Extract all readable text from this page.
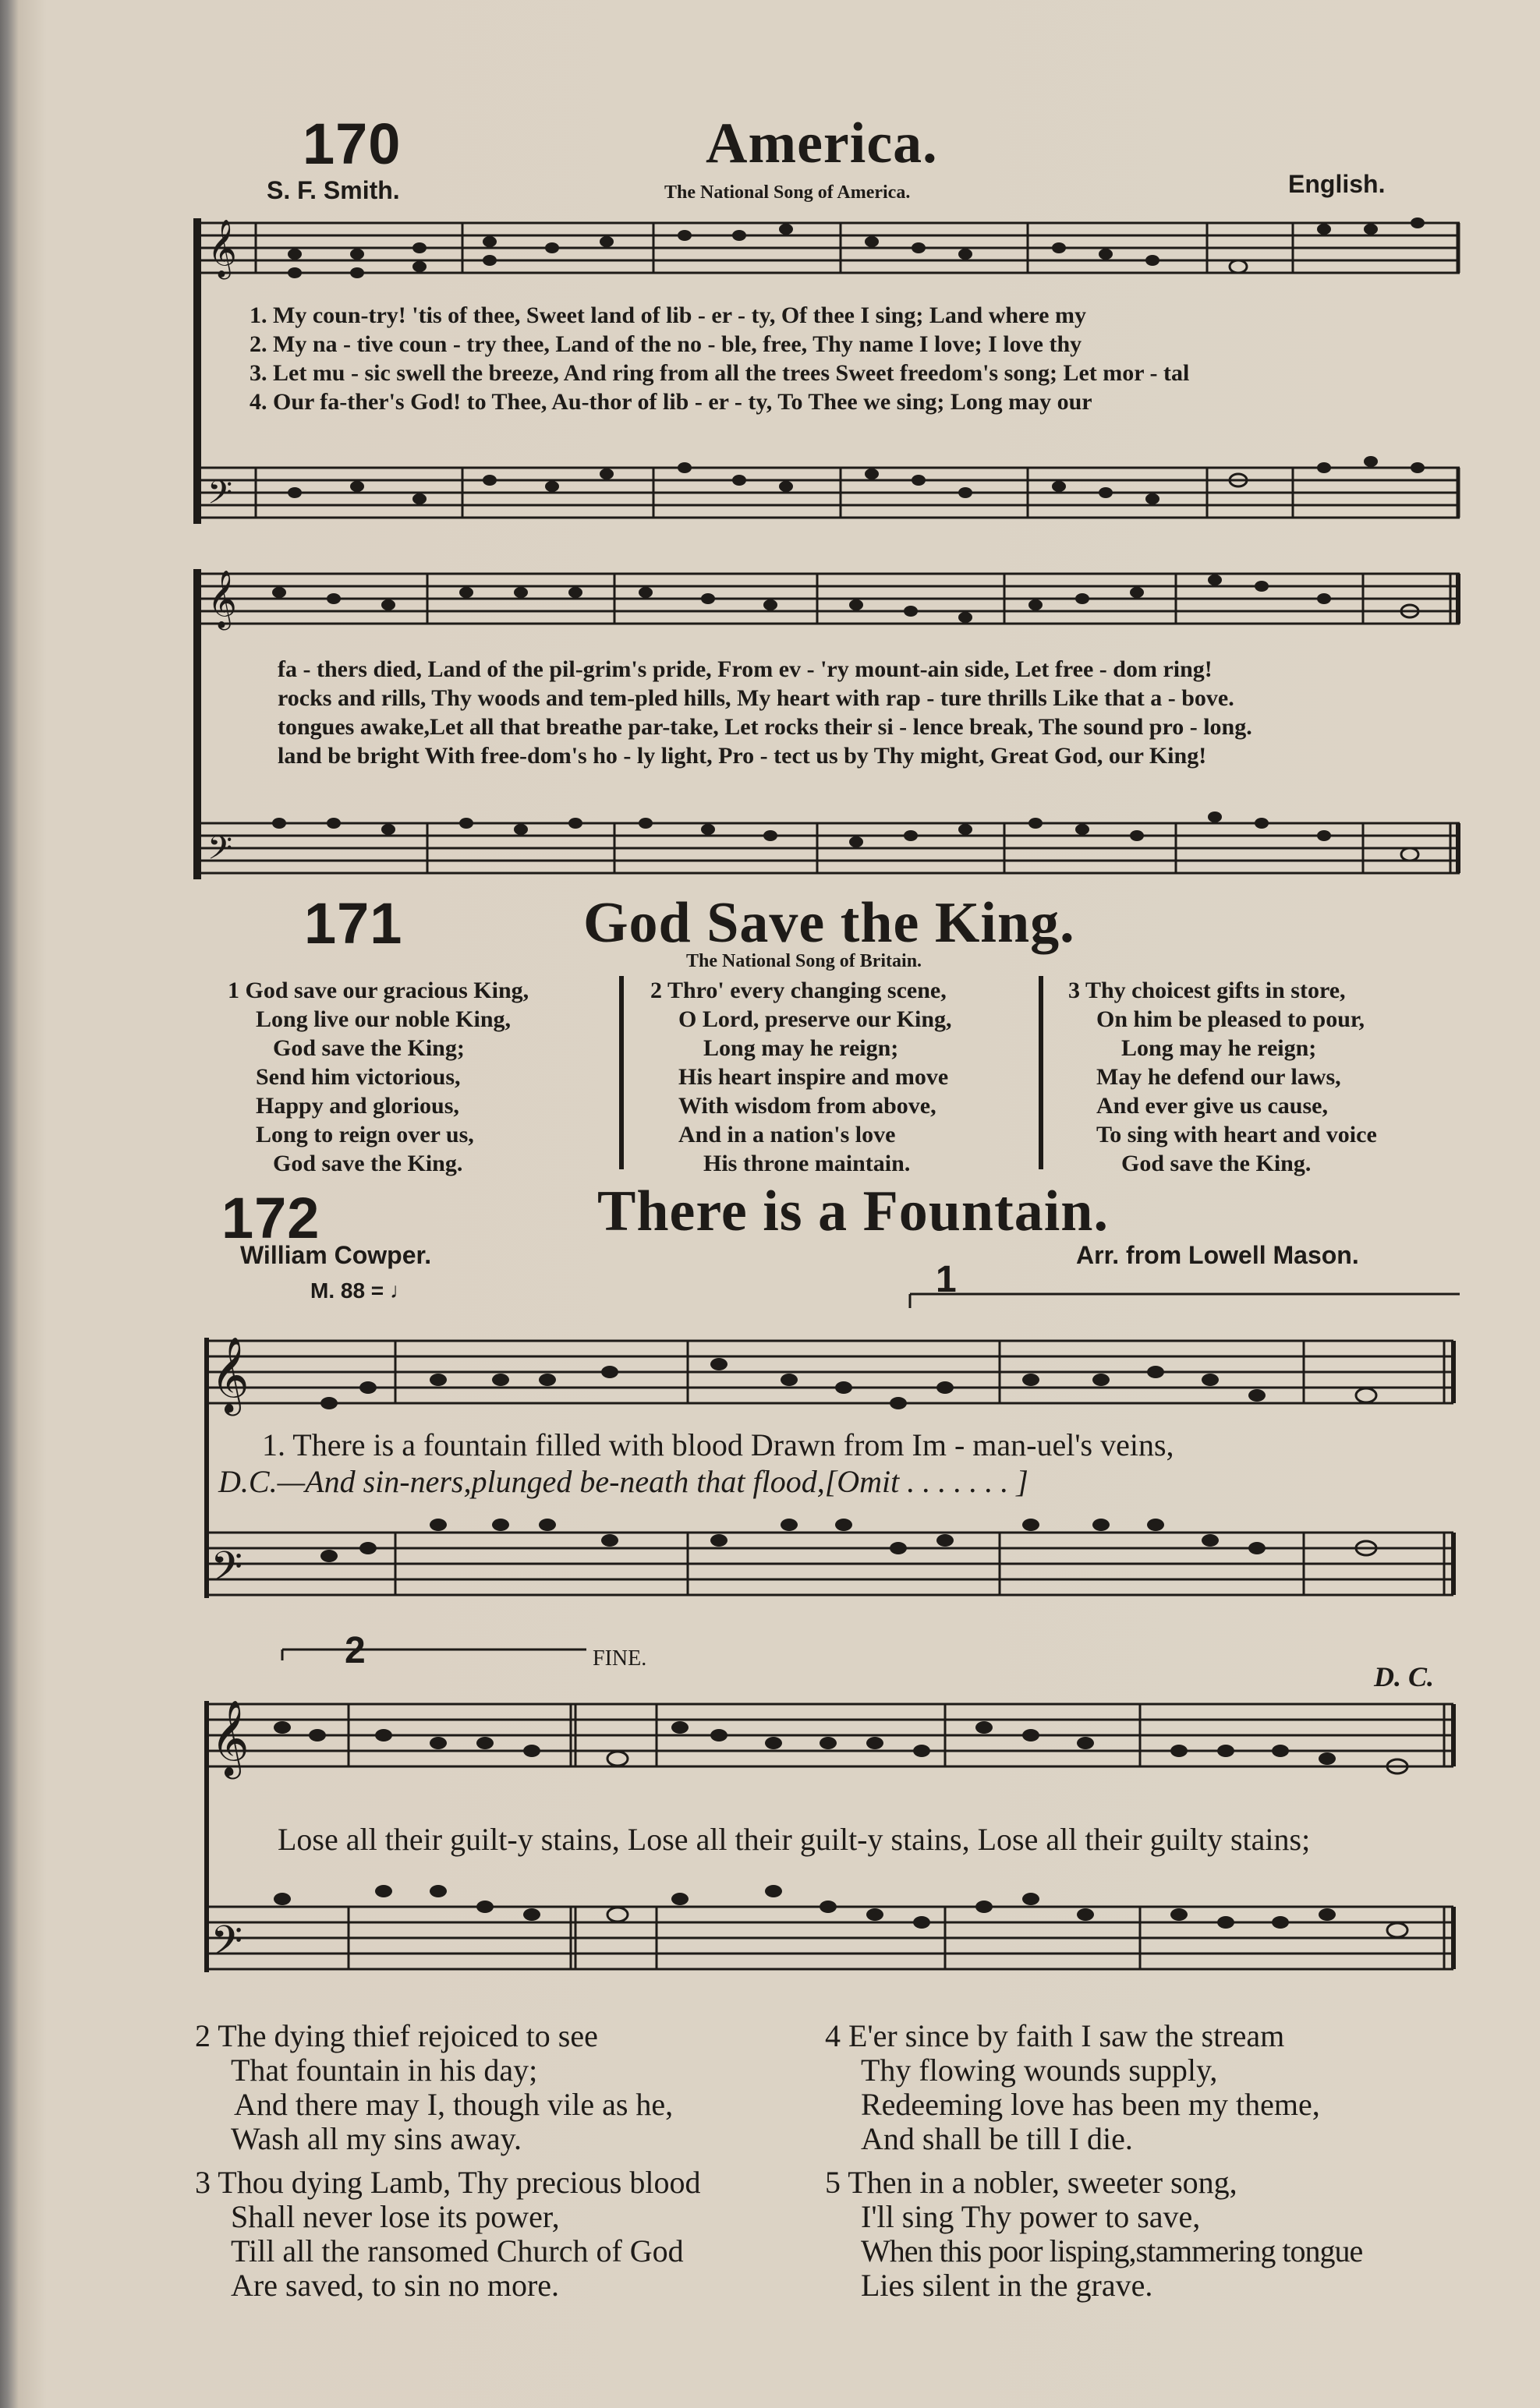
170	America.
S. F. Smith.	The National Song of America.	English.
𝄞
𝄢
1. My coun-try! 'tis of thee, Sweet land of lib - er - ty, Of thee I sing; Land where my
2. My na - tive coun - try thee, Land of the no - ble, free, Thy name I love; I love thy
3. Let mu - sic swell the breeze, And ring from all the trees Sweet freedom's song; Let mor - tal
4. Our fa-ther's God! to Thee, Au-thor of lib - er - ty, To Thee we sing; Long may our
𝄞
𝄢
fa - thers died, Land of the pil-grim's pride, From ev - 'ry mount-ain side, Let free - dom ring!
rocks and rills, Thy woods and tem-pled hills, My heart with rap - ture thrills Like that a - bove.
tongues awake,Let all that breathe par-take, Let rocks their si - lence break, The sound pro - long.
land be bright With free-dom's ho - ly light, Pro - tect us by Thy might, Great God, our King!
171	God Save the King.
The National Song of Britain.
1 God save our gracious King,
Long live our noble King,
God save the King;
Send him victorious,
Happy and glorious,
Long to reign over us,
God save the King.
2 Thro' every changing scene,
O Lord, preserve our King,
Long may he reign;
His heart inspire and move
With wisdom from above,
And in a nation's love
His throne maintain.
3 Thy choicest gifts in store,
On him be pleased to pour,
Long may he reign;
May he defend our laws,
And ever give us cause,
To sing with heart and voice
God save the King.
172	There is a Fountain.
William Cowper.	Arr. from Lowell Mason.
M. 88 = ♩
𝄞
𝄢
1
1. There is a fountain filled with blood Drawn from Im - man-uel's veins,
D.C.—And sin-ners,plunged be-neath that flood,[Omit . . . . . . . ]
2	FINE.
D. C.
𝄞
𝄢
Lose all their guilt-y stains, Lose all their guilt-y stains, Lose all their guilty stains;
2 The dying thief rejoiced to see
That fountain in his day;
And there may I, though vile as he,
Wash all my sins away.
3 Thou dying Lamb, Thy precious blood
Shall never lose its power,
Till all the ransomed Church of God
Are saved, to sin no more.
4 E'er since by faith I saw the stream
Thy flowing wounds supply,
Redeeming love has been my theme,
And shall be till I die.
5 Then in a nobler, sweeter song,
I'll sing Thy power to save,
When this poor lisping,stammering tongue
Lies silent in the grave.
